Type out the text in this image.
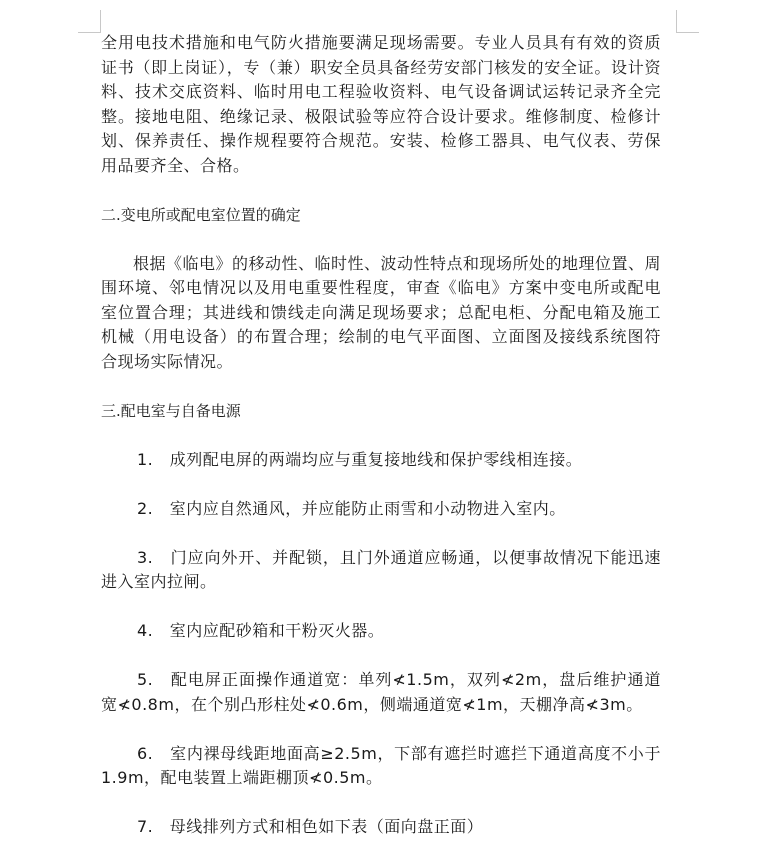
全用电技术措施和电气防火措施要满足现场需要。专业人员具有有效的资质证书（即上岗证），专（兼）职安全员具备经劳安部门核发的安全证。设计资料、技术交底资料、临时用电工程验收资料、电气设备调试运转记录齐全完整。接地电阻、绝缘记录、极限试验等应符合设计要求。维修制度、检修计划、保养责任、操作规程要符合规范。安装、检修工器具、电气仪表、劳保用品要齐全、合格。

二.变电所或配电室位置的确定

根据《临电》的移动性、临时性、波动性特点和现场所处的地理位置、周围环境、邻电情况以及用电重要性程度，审查《临电》方案中变电所或配电室位置合理；其进线和馈线走向满足现场要求；总配电柜、分配电箱及施工机械（用电设备）的布置合理；绘制的电气平面图、立面图及接线系统图符合现场实际情况。

三.配电室与自备电源

1.　成列配电屏的两端均应与重复接地线和保护零线相连接。

2.　室内应自然通风，并应能防止雨雪和小动物进入室内。

3.　门应向外开、并配锁，且门外通道应畅通，以便事故情况下能迅速进入室内拉闸。

4.　室内应配砂箱和干粉灭火器。

5.　配电屏正面操作通道宽：单列≮1.5m，双列≮2m，盘后维护通道宽≮0.8m，在个别凸形柱处≮0.6m，侧端通道宽≮1m，天棚净高≮3m。

6.　室内裸母线距地面高≥2.5m，下部有遮拦时遮拦下通道高度不小于1.9m，配电装置上端距棚顶≮0.5m。

7.　母线排列方式和相色如下表（面向盘正面）
